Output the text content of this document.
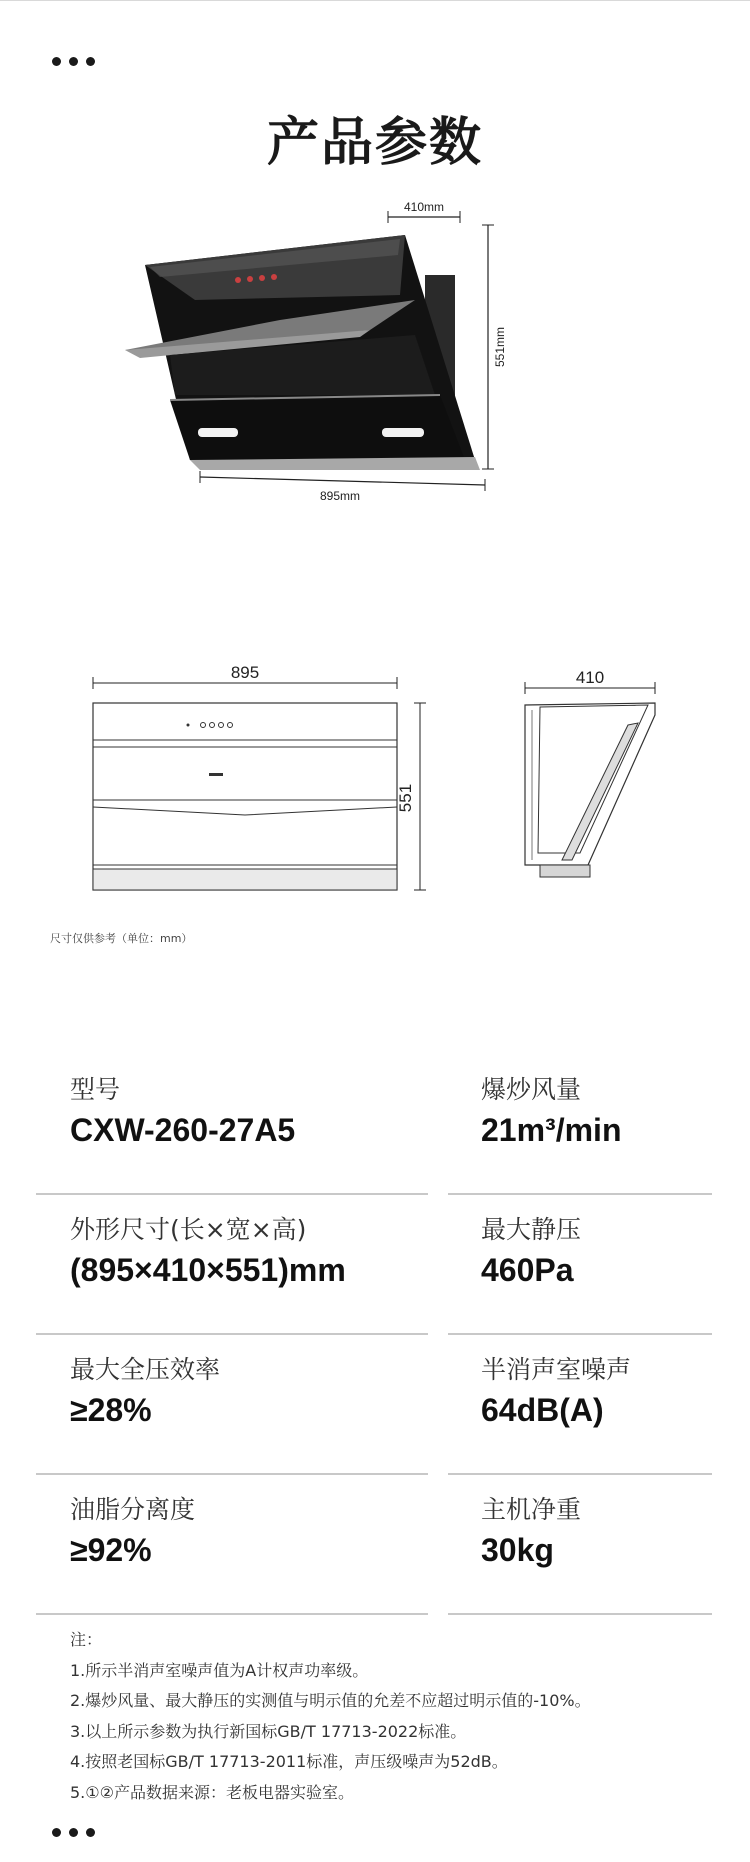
产品参数
410mm
551mm
895mm
895
551
410
尺寸仅供参考（单位：mm）
型号
CXW-260-27A5
爆炒风量
21m³/min
外形尺寸(长×宽×高)
(895×410×551)mm
最大静压
460Pa
最大全压效率
≥28%
半消声室噪声
64dB(A)
油脂分离度
≥92%
主机净重
30kg
注：
1.所示半消声室噪声值为A计权声功率级。
2.爆炒风量、最大静压的实测值与明示值的允差不应超过明示值的-10%。
3.以上所示参数为执行新国标GB/T 17713-2022标准。
4.按照老国标GB/T 17713-2011标准，声压级噪声为52dB。
5.①②产品数据来源：老板电器实验室。
